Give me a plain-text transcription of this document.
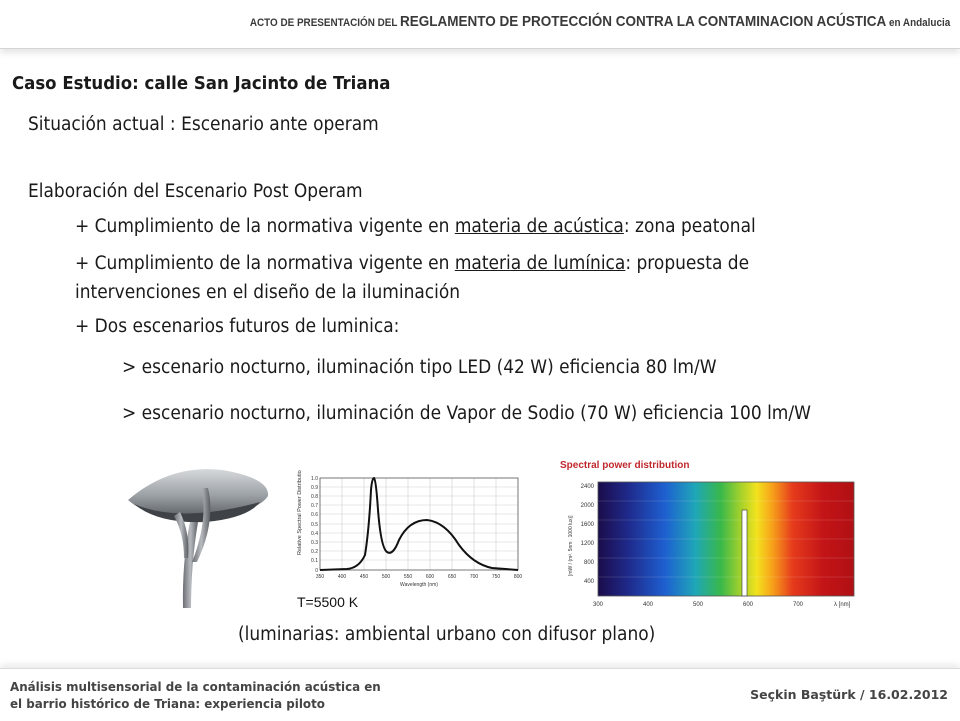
ACTO DE PRESENTACIÓN DEL REGLAMENTO DE PROTECCIÓN CONTRA LA CONTAMINACION ACÚSTICA en Andalucia
Caso Estudio: calle San Jacinto de Triana
Situación actual : Escenario ante operam
Elaboración del Escenario Post Operam
+ Cumplimiento de la normativa vigente en materia de acústica: zona peatonal
+ Cumplimiento de la normativa vigente en materia de lumínica: propuesta de
intervenciones en el diseño de la iluminación
+ Dos escenarios futuros de luminica:
> escenario nocturno, iluminación tipo LED (42 W) eficiencia 80 lm/W
> escenario nocturno, iluminación de Vapor de Sodio (70 W) eficiencia 100 lm/W
Relative Spectral Power Distribution 1.0
0.9
0.8
0.7
0.6
0.5
0.4
0.3
0.2
0.1
0
350	400	450	500	550	600	650	700	750	800
Wavelength (nm)
T=5500 K
Spectral power distribution
[mW / (m². 5nm . 1000 lux)]
2400
2000
1600
1200
800
400
300	400	500	600	700	λ [nm]
(luminarias: ambiental urbano con difusor plano)
Análisis multisensorial de la contaminación acústica en
el barrio histórico de Triana: experiencia piloto
Seçkin Baştürk / 16.02.2012
